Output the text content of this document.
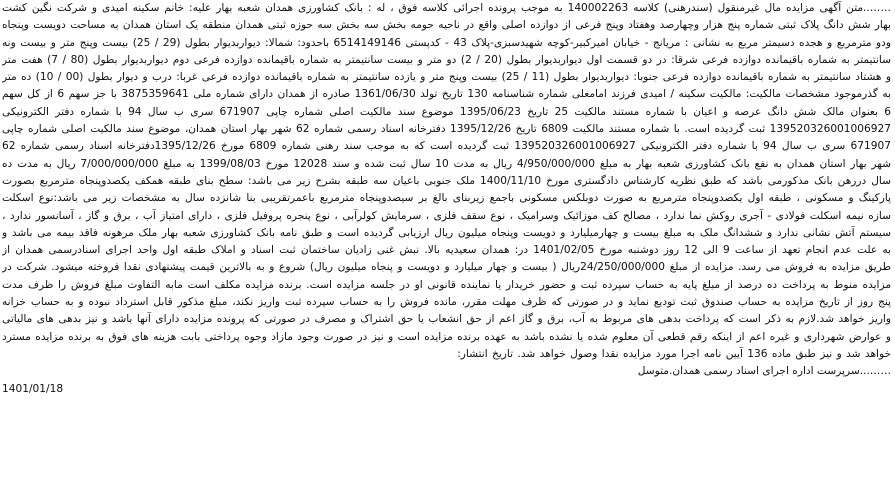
……..متن آگهی مزایده مال غیرمنقول (سندرهنی) کلاسه 140002263 به موجب پرونده اجرائی کلاسه فوق ، له : بانک کشاورزی همدان شعبه بهار علیه: خانم سکینه امیدی و شرکت نگین کشت بهار شش دانگ پلاک ثبتی شماره پنج هزار وچهارصد وهفتاد وپنج فرعی از دوازده اصلی واقع در ناحیه حومه بخش سه بخش سه حوزه ثبتی همدان منطقه یک استان همدان به مساحت دویست وپنجاه ودو مترمربع و هجده دسیمتر مربع به نشانی : مریانج - خیابان امیرکبیر-کوچه شهیدسبزی-پلاک 43 - کدپستی 6514149146 باحدود: شمالا: دیواربدیوار بطول (29 / 25) بیست وپنج متر و بیست ونه سانتیمتر به شماره باقیمانده دوازده فرعی شرقا: در دو قسمت اول دیواربدیوار بطول (20 / 2) دو متر و بیست سانتیمتر به شماره باقیمانده دوازده فرعی دوم دیواربدیوار بطول (80 / 7) هفت متر و هشتاد سانتیمتر به شماره باقیمانده دوازده فرعی جنوبا: دیواربدیوار بطول (11 / 25) بیست وپنج متر و یازده سانتیمتر به شماره باقیمانده دوازده فرعی غربا: درب و دیوار بطول (00 / 10) ده متر به گذرموجود مشخصات مالکیت: مالکیت سکینه / امیدی فرزند امامعلی شماره شناسنامه 130 تاریخ تولد 1361/06/30 صادره از همدان دارای شماره ملی 3875359641 با جز سهم 6 از کل سهم 6 بعنوان مالک شش دانگ عرصه و اعیان با شماره مستند مالکیت 25 تاریخ 1395/06/23 موضوع سند مالکیت اصلی شماره چاپی 671907 سری ب سال 94 با شماره دفتر الکترونیکی 139520326001006927 ثبت گردیده است. با شماره مستند مالکیت 6809 تاریخ 1395/12/26 دفترخانه اسناد رسمی شماره 62 شهر بهار استان همدان، موضوع سند مالکیت اصلی شماره چاپی 671907 سری ب سال 94 با شماره دفتر الکترونیکی 139520326001006927 ثبت گردیده است که به موجب سند رهنی شماره 6809 مورخ 1395/12/26دفترخانه اسناد رسمی شماره 62 شهر بهار استان همدان به نفع بانک کشاورزی شعبه بهار به مبلغ 4/950/000/000 ریال به مدت 10 سال ثبت شده و سند 12028 مورخ 1399/08/03 به مبلغ 7/000/000/000 ریال به مدت ده سال دررهن بانک مذکورمی باشد که طبق نظریه کارشناس دادگستری مورخ 1400/11/10 ملک جنوبی باعیان سه طبقه بشرح زیر می باشد: سطح بنای طبقه همکف یکصدوپنجاه مترمربع بصورت پارکینگ و مسکونی ، طبقه اول یکصدوپنجاه مترمربع به صورت دوبلکس مسکونی باجمع زیربنای بالغ بر سیصدوپنجاه مترمربع باعمرتقریبی بنا شانزده سال به مشخصات زیر می باشد:نوع اسکلت سازه نیمه اسکلت فولادی - آجری روکش نما ندارد ، مصالح کف موزائیک وسرامیک ، نوع سقف فلزی ، سرمایش کولرآبی ، نوع پنجره پروفیل فلزی ، دارای امتیاز آب ، برق و گاز ، آسانسور ندارد ، سیستم آتش نشانی ندارد و ششدانگ ملک به مبلغ بیست و چهارمیلیارد و دویست وپنجاه میلیون ریال ارزیابی گردیده است و طبق نامه بانک کشاورزی شعبه بهار ملک مرهونه فاقد بیمه می باشد و به علت عدم انجام تعهد از ساعت 9 الی 12 روز دوشنبه مورخ 1401/02/05 در: همدان سعیدیه بالا. نبش غنی زادیان ساختمان ثبت اسناد و املاک طبقه اول واحد اجرای اسنادرسمی همدان از طریق مزایده به فروش می رسد. مزایده از مبلغ 24/250/000/000ریال ( بیست و چهار میلیارد و دویست و پنجاه میلیون ریال) شروع و به بالاترین قیمت پیشنهادی نقدا فروخته میشود. شرکت در مزایده منوط به پرداخت ده درصد از مبلغ پایه به حساب سپرده ثبت و حضور خریدار یا نماینده قانونی او در جلسه مزایده است. برنده مزایده مکلف است مابه التفاوت مبلغ فروش را ظرف مدت پنج روز از تاریخ مزایده به حساب صندوق ثبت تودیع نماید و در صورتی که ظرف مهلت مقرر، مانده فروش را به حساب سپرده ثبت واریز نکند، مبلغ مذکور قابل استرداد نبوده و به حساب خزانه واریز خواهد شد.لازم به ذکر است که پرداخت بدهی های مربوط به آب، برق و گاز اعم از حق انشعاب یا حق اشتراک و مصرف در صورتی که پرونده مزایده دارای آنها باشد و نیز بدهی های مالیاتی و عوارض شهرداری و غیره اعم از اینکه رقم قطعی آن معلوم شده یا نشده باشد به عهده برنده مزایده است و نیز در صورت وجود مازاد وجوه پرداختی بابت هزینه های فوق به برنده مزایده مسترد خواهد شد و نیز طبق ماده 136 آیین نامه اجرا مورد مزایده نقدا وصول خواهد شد. تاریخ انتشار:

……...سرپرست اداره اجرای اسناد رسمی همدان.متوسل

1401/01/18
